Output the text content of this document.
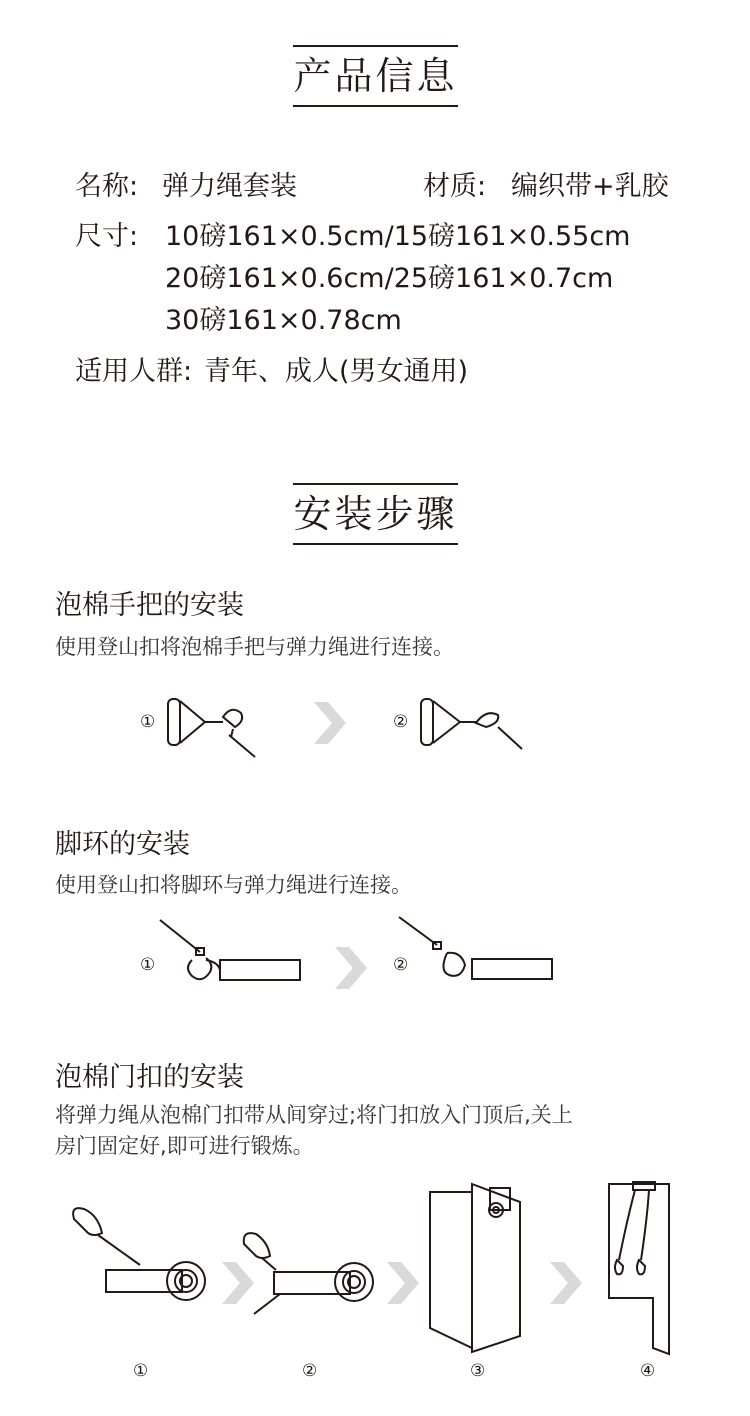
产品信息
名称: 弹力绳套装	材质: 编织带+乳胶
尺寸: 10磅161×0.5cm/15磅161×0.55cm
20磅161×0.6cm/25磅161×0.7cm
30磅161×0.78cm
适用人群: 青年、成人(男女通用)
安装步骤
泡棉手把的安装
使用登山扣将泡棉手把与弹力绳进行连接。
①	②
脚环的安装
使用登山扣将脚环与弹力绳进行连接。
①	②
泡棉门扣的安装
将弹力绳从泡棉门扣带从间穿过;将门扣放入门顶后,关上
房门固定好,即可进行锻炼。
①	②	③	④
